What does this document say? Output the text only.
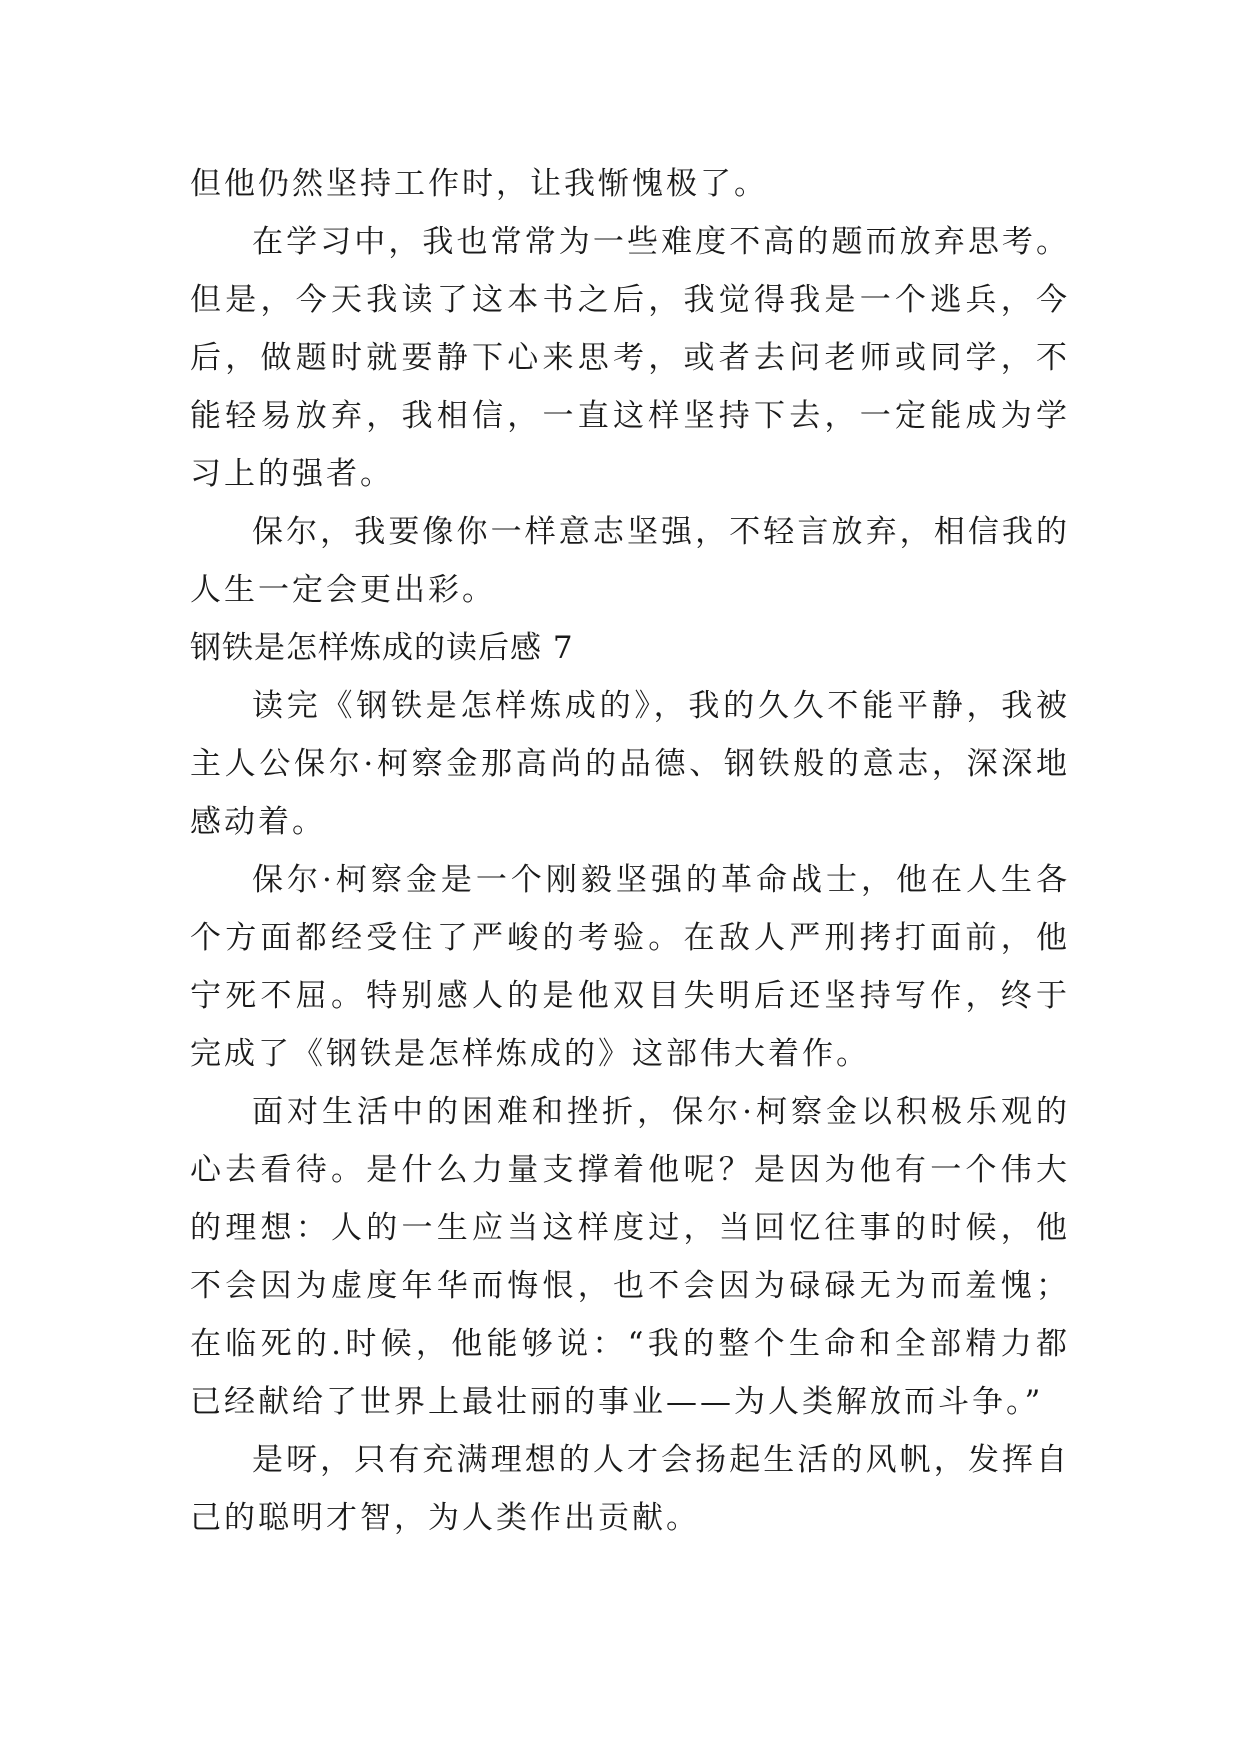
但他仍然坚持工作时，让我惭愧极了。

在学习中，我也常常为一些难度不高的题而放弃思考。但是，今天我读了这本书之后，我觉得我是一个逃兵，今后，做题时就要静下心来思考，或者去问老师或同学，不能轻易放弃，我相信，一直这样坚持下去，一定能成为学习上的强者。

保尔，我要像你一样意志坚强，不轻言放弃，相信我的人生一定会更出彩。

钢铁是怎样炼成的读后感 7

读完《钢铁是怎样炼成的》，我的久久不能平静，我被主人公保尔·柯察金那高尚的品德、钢铁般的意志，深深地感动着。

保尔·柯察金是一个刚毅坚强的革命战士，他在人生各个方面都经受住了严峻的考验。在敌人严刑拷打面前，他宁死不屈。特别感人的是他双目失明后还坚持写作，终于完成了《钢铁是怎样炼成的》这部伟大着作。

面对生活中的困难和挫折，保尔·柯察金以积极乐观的心去看待。是什么力量支撑着他呢？是因为他有一个伟大的理想：人的一生应当这样度过，当回忆往事的时候，他不会因为虚度年华而悔恨，也不会因为碌碌无为而羞愧；在临死的.时候，他能够说：“我的整个生命和全部精力都已经献给了世界上最壮丽的事业——为人类解放而斗争。”

是呀，只有充满理想的人才会扬起生活的风帆，发挥自己的聪明才智，为人类作出贡献。
